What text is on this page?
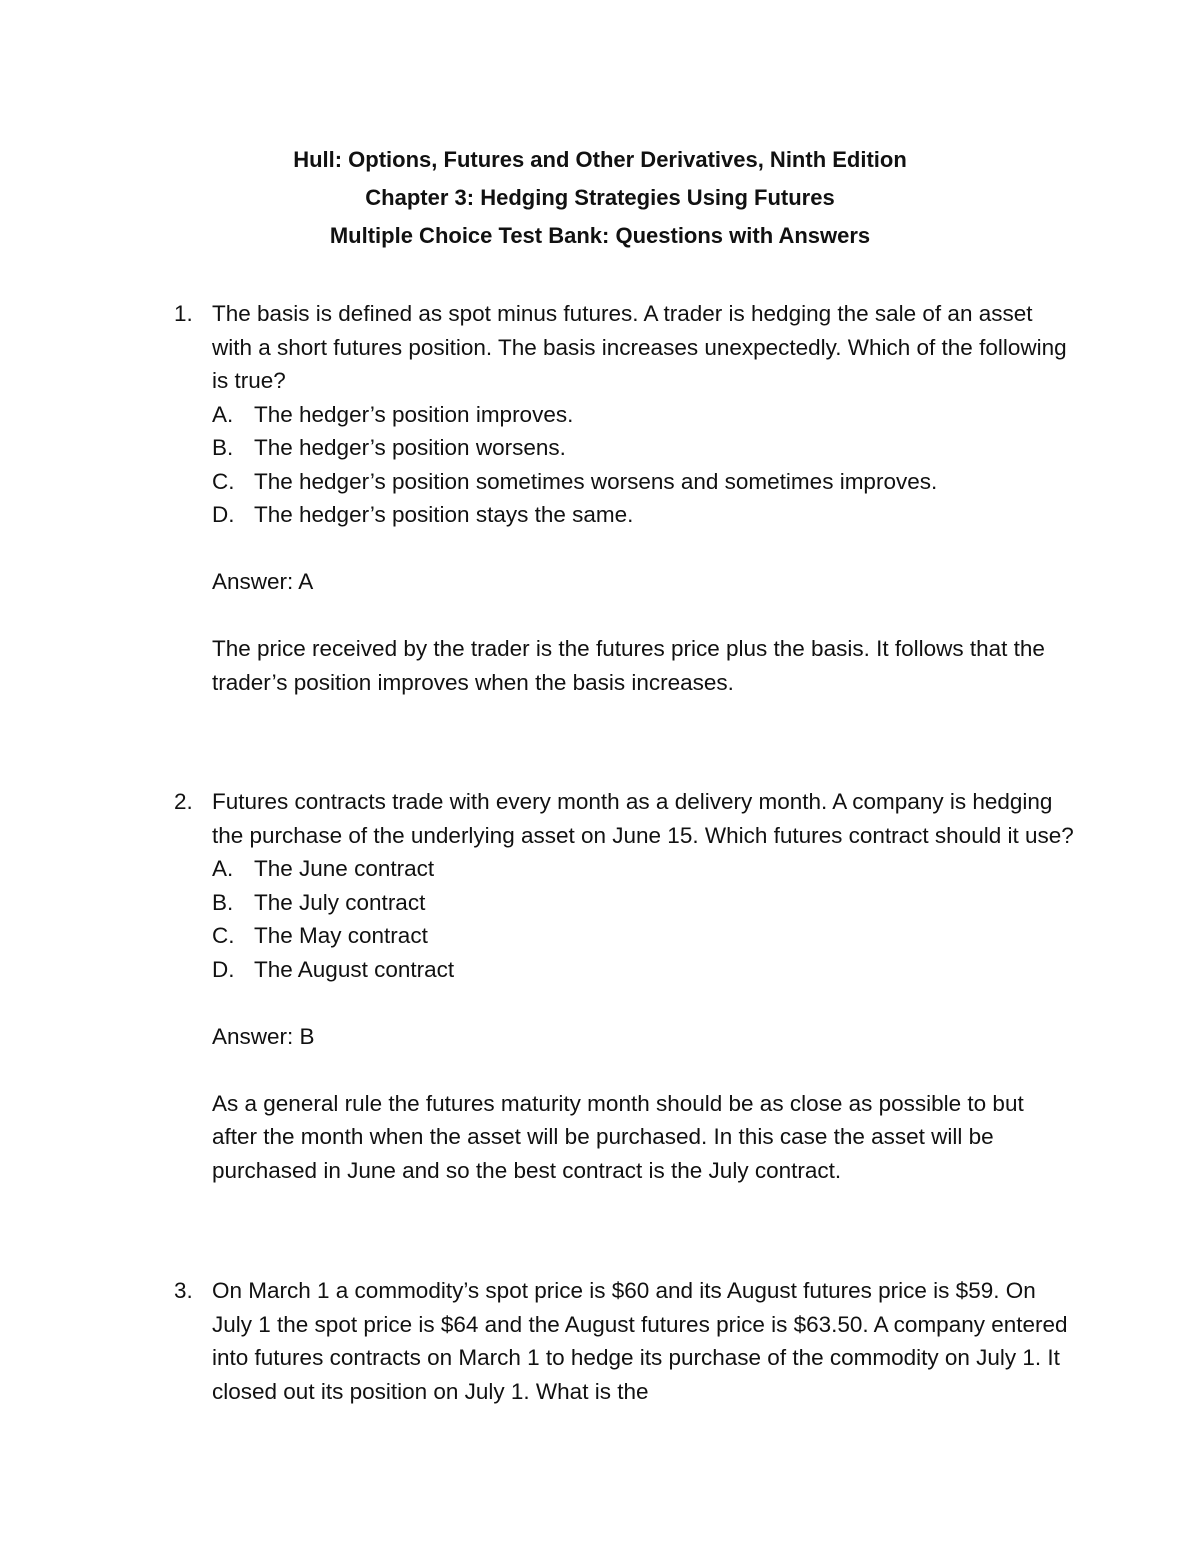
Hull: Options, Futures and Other Derivatives, Ninth Edition
Chapter 3: Hedging Strategies Using Futures
Multiple Choice Test Bank: Questions with Answers
1. The basis is defined as spot minus futures. A trader is hedging the sale of an asset with a short futures position. The basis increases unexpectedly. Which of the following is true?
A. The hedger’s position improves.
B. The hedger’s position worsens.
C. The hedger’s position sometimes worsens and sometimes improves.
D. The hedger’s position stays the same.
Answer: A
The price received by the trader is the futures price plus the basis. It follows that the trader’s position improves when the basis increases.
2. Futures contracts trade with every month as a delivery month. A company is hedging the purchase of the underlying asset on June 15. Which futures contract should it use?
A. The June contract
B. The July contract
C. The May contract
D. The August contract
Answer: B
As a general rule the futures maturity month should be as close as possible to but after the month when the asset will be purchased. In this case the asset will be purchased in June and so the best contract is the July contract.
3. On March 1 a commodity’s spot price is $60 and its August futures price is $59. On July 1 the spot price is $64 and the August futures price is $63.50. A company entered into futures contracts on March 1 to hedge its purchase of the commodity on July 1. It closed out its position on July 1. What is the
